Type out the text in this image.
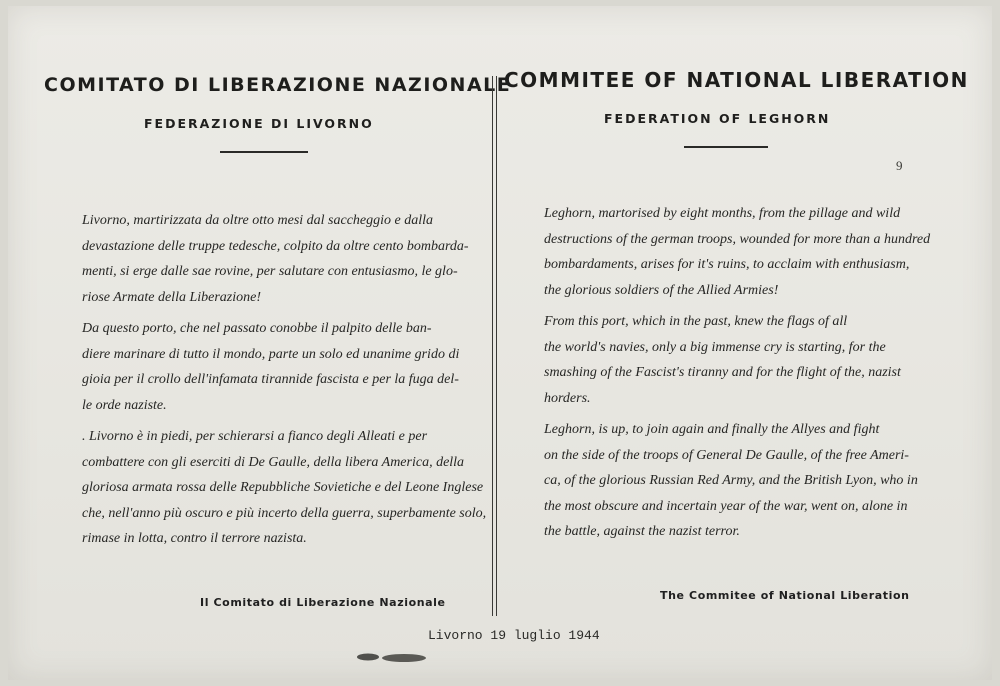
COMITATO DI LIBERAZIONE NAZIONALE
COMMITEE OF NATIONAL LIBERATION
FEDERAZIONE DI LIVORNO	FEDERATION OF LEGHORN
9

Livorno, martirizzata da oltre otto mesi dal saccheggio e dalla
devastazione delle truppe tedesche, colpito da oltre cento bombarda-
menti, si erge dalle sae rovine, per salutare con entusiasmo, le glo-
riose Armate della Liberazione!

Da questo porto, che nel passato conobbe il palpito delle ban-
diere marinare di tutto il mondo, parte un solo ed unanime grido di
gioia per il crollo dell'infamata tirannide fascista e per la fuga del-
le orde naziste.

. Livorno è in piedi, per schierarsi a fianco degli Alleati e per
combattere con gli eserciti di De Gaulle, della libera America, della
gloriosa armata rossa delle Repubbliche Sovietiche e del Leone Inglese
che, nell'anno più oscuro e più incerto della guerra, superbamente solo,
rimase in lotta, contro il terrore nazista.

Leghorn, martorised by eight months, from the pillage and wild
destructions of the german troops, wounded for more than a hundred
bombardaments, arises for it's ruins, to acclaim with enthusiasm,
the glorious soldiers of the Allied Armies!

From this port, which in the past, knew the flags of all
the world's navies, only a big immense cry is starting, for the
smashing of the Fascist's tiranny and for the flight of the, nazist
horders.

Leghorn, is up, to join again and finally the Allyes and fight
on the side of the troops of General De Gaulle, of the free Ameri-
ca, of the glorious Russian Red Army, and the British Lyon, who in
the most obscure and incertain year of the war, went on, alone in
the battle, against the nazist terror.

Il Comitato di Liberazione Nazionale
The Commitee of National Liberation
Livorno 19 luglio 1944
